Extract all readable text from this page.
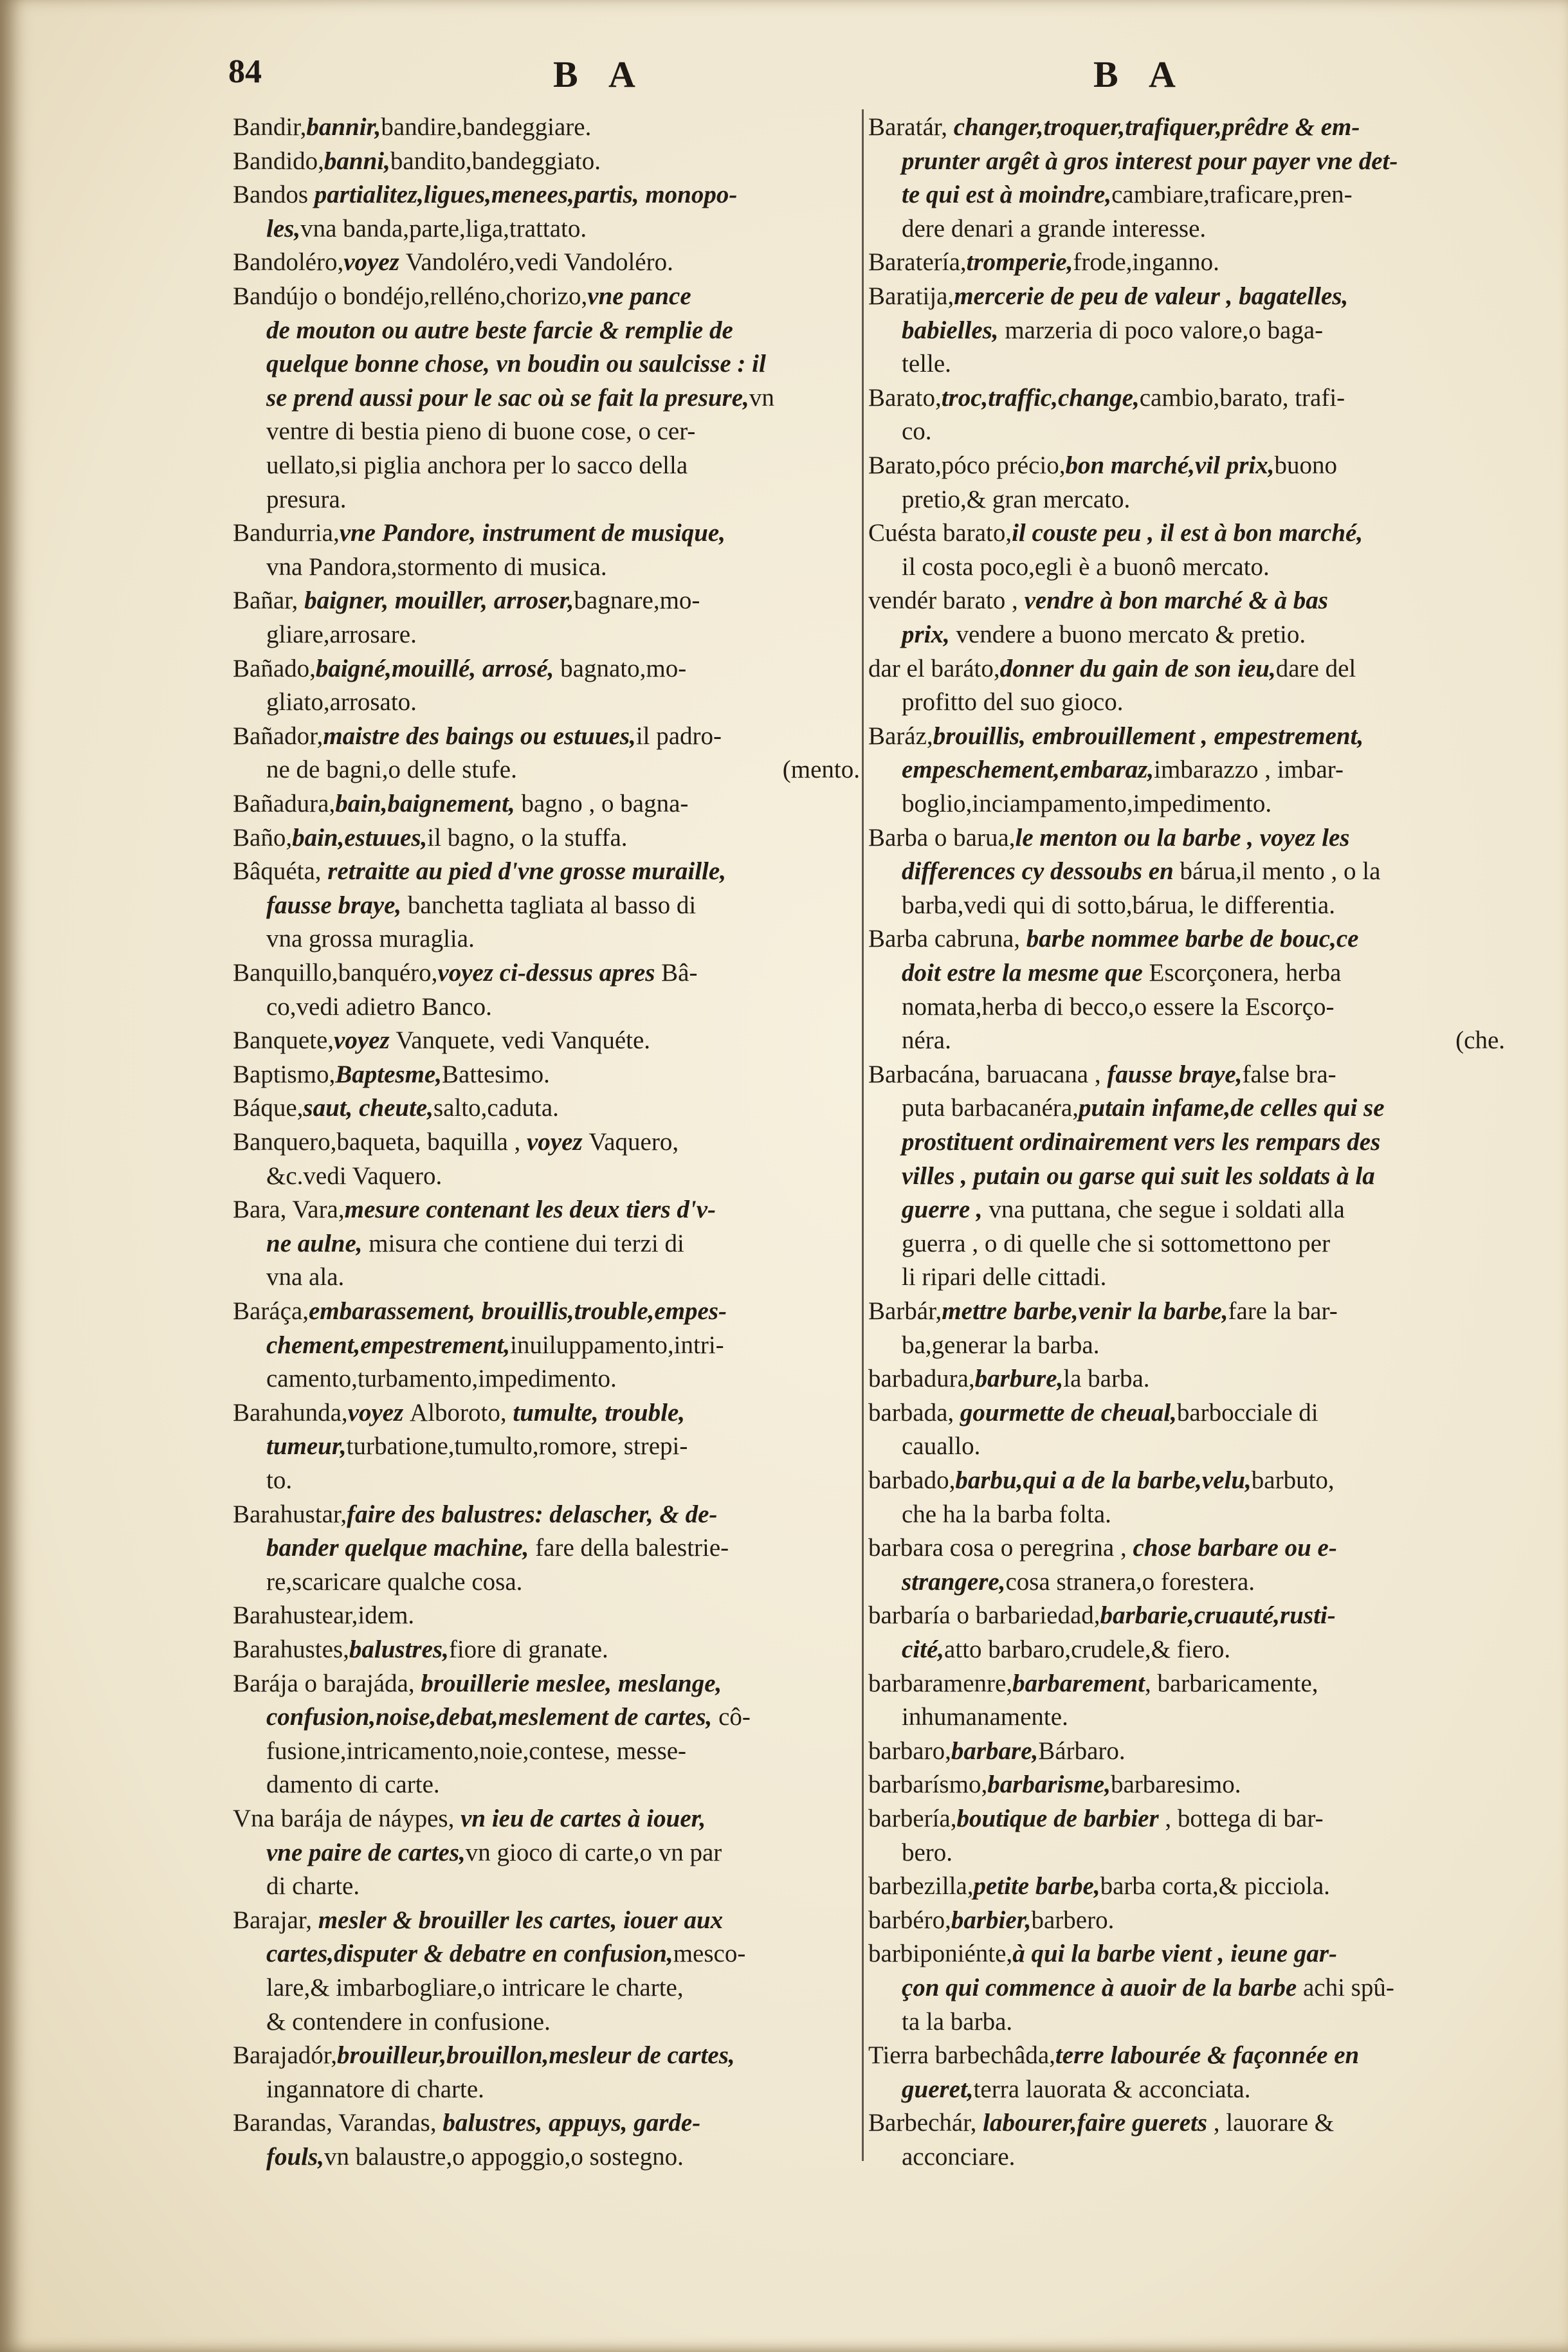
84	B A	B A
Bandir,bannir,bandire,bandeggiare.
Bandido,banni,bandito,bandeggiato.
Bandos partialitez,ligues,menees,partis, monopo-
les,vna banda,parte,liga,trattato.
Bandoléro,voyez Vandoléro,vedi Vandoléro.
Bandújo o bondéjo,relléno,chorizo,vne pance
de mouton ou autre beste farcie & remplie de
quelque bonne chose, vn boudin ou saulcisse : il
se prend aussi pour le sac où se fait la presure,vn
ventre di bestia pieno di buone cose, o cer-
uellato,si piglia anchora per lo sacco della
presura.
Bandurria,vne Pandore, instrument de musique,
vna Pandora,stormento di musica.
Bañar, baigner, mouiller, arroser,bagnare,mo-
gliare,arrosare.
Bañado,baigné,mouillé, arrosé, bagnato,mo-
gliato,arrosato.
Bañador,maistre des baings ou estuues,il padro-
ne de bagni,o delle stufe.	(mento.
Bañadura,bain,baignement, bagno , o bagna-
Baño,bain,estuues,il bagno, o la stuffa.
Bâquéta, retraitte au pied d'vne grosse muraille,
fausse braye, banchetta tagliata al basso di
vna grossa muraglia.
Banquillo,banquéro,voyez ci-dessus apres Bâ-
co,vedi adietro Banco.
Banquete,voyez Vanquete, vedi Vanquéte.
Baptismo,Baptesme,Battesimo.
Báque,saut, cheute,salto,caduta.
Banquero,baqueta, baquilla , voyez Vaquero,
&c.vedi Vaquero.
Bara, Vara,mesure contenant les deux tiers d'v-
ne aulne, misura che contiene dui terzi di
vna ala.
Baráça,embarassement, brouillis,trouble,empes-
chement,empestrement,inuiluppamento,intri-
camento,turbamento,impedimento.
Barahunda,voyez Alboroto, tumulte, trouble,
tumeur,turbatione,tumulto,romore, strepi-
to.
Barahustar,faire des balustres: delascher, & de-
bander quelque machine, fare della balestrie-
re,scaricare qualche cosa.
Barahustear,idem.
Barahustes,balustres,fiore di granate.
Barája o barajáda, brouillerie meslee, meslange,
confusion,noise,debat,meslement de cartes, cô-
fusione,intricamento,noie,contese, messe-
damento di carte.
Vna barája de náypes, vn ieu de cartes à iouer,
vne paire de cartes,vn gioco di carte,o vn par
di charte.
Barajar, mesler & brouiller les cartes, iouer aux
cartes,disputer & debatre en confusion,mesco-
lare,& imbarbogliare,o intricare le charte,
& contendere in confusione.
Barajadór,brouilleur,brouillon,mesleur de cartes,
ingannatore di charte.
Barandas, Varandas, balustres, appuys, garde-
fouls,vn balaustre,o appoggio,o sostegno.
Baratár, changer,troquer,trafiquer,prêdre & em-
prunter argêt à gros interest pour payer vne det-
te qui est à moindre,cambiare,traficare,pren-
dere denari a grande interesse.
Baratería,tromperie,frode,inganno.
Baratija,mercerie de peu de valeur , bagatelles,
babielles, marzeria di poco valore,o baga-
telle.
Barato,troc,traffic,change,cambio,barato, trafi-
co.
Barato,póco précio,bon marché,vil prix,buono
pretio,& gran mercato.
Cuésta barato,il couste peu , il est à bon marché,
il costa poco,egli è a buonô mercato.
vendér barato , vendre à bon marché & à bas
prix, vendere a buono mercato & pretio.
dar el baráto,donner du gain de son ieu,dare del
profitto del suo gioco.
Baráz,brouillis, embrouillement , empestrement,
empeschement,embaraz,imbarazzo , imbar-
boglio,inciampamento,impedimento.
Barba o barua,le menton ou la barbe , voyez les
differences cy dessoubs en bárua,il mento , o la
barba,vedi qui di sotto,bárua, le differentia.
Barba cabruna, barbe nommee barbe de bouc,ce
doit estre la mesme que Escorçonera, herba
nomata,herba di becco,o essere la Escorço-
néra.	(che.
Barbacána, baruacana , fausse braye,false bra-
puta barbacanéra,putain infame,de celles qui se
prostituent ordinairement vers les rempars des
villes , putain ou garse qui suit les soldats à la
guerre , vna puttana, che segue i soldati alla
guerra , o di quelle che si sottomettono per
li ripari delle cittadi.
Barbár,mettre barbe,venir la barbe,fare la bar-
ba,generar la barba.
barbadura,barbure,la barba.
barbada, gourmette de cheual,barbocciale di
cauallo.
barbado,barbu,qui a de la barbe,velu,barbuto,
che ha la barba folta.
barbara cosa o peregrina , chose barbare ou e-
strangere,cosa stranera,o forestera.
barbaría o barbariedad,barbarie,cruauté,rusti-
cité,atto barbaro,crudele,& fiero.
barbaramenre,barbarement, barbaricamente,
inhumanamente.
barbaro,barbare,Bárbaro.
barbarísmo,barbarisme,barbaresimo.
barbería,boutique de barbier , bottega di bar-
bero.
barbezilla,petite barbe,barba corta,& picciola.
barbéro,barbier,barbero.
barbiponiénte,à qui la barbe vient , ieune gar-
çon qui commence à auoir de la barbe achi spû-
ta la barba.
Tierra barbechâda,terre labourée & façonnée en
gueret,terra lauorata & acconciata.
Barbechár, labourer,faire guerets , lauorare &
acconciare.
